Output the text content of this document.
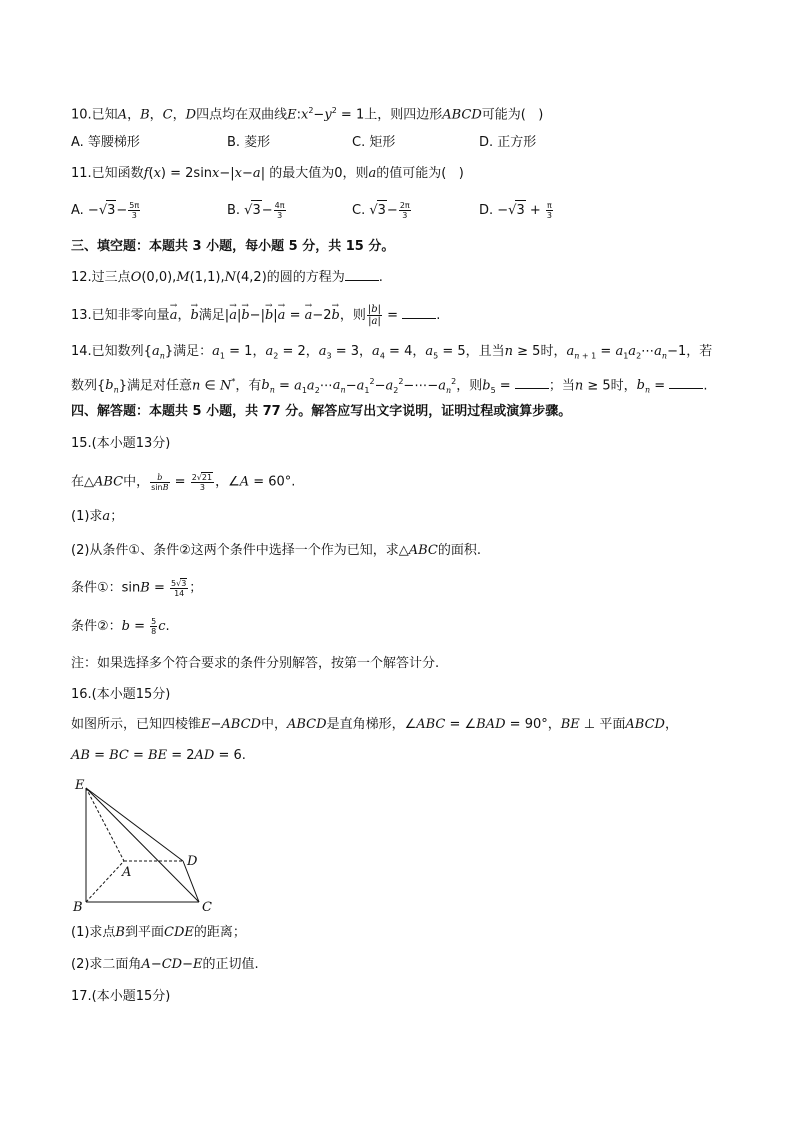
10.已知A，B，C，D四点均在双曲线$E:x^2-y^2 = 1$上，则四边形ABCD可能为(   )
A. 等腰梯形	B. 菱形	C. 矩形	D. 正方形
11.已知函数f(x) = 2sinx−|x−a| 的最大值为0，则a的值可能为(   )
A. $-√3- \frac{5\pi}{3}$	B. $√3- \frac{4\pi}{3}$	C. $√3- \frac{2\pi}{3}$	D. $-√3 + \frac{\pi}{3}$
三、填空题：本题共 3 小题，每小题 5 分，共 15 分。
12.过三点O(0,0),M(1,1),N(4,2)的圆的方程为	.
13.已知非零向量→ a，→ b满足|→ a|→ b−|→ b|→ a = → a−2→ b，则 $\frac{|b|}{|a|}$ =	.
14.已知数列$\{a_n\}$满足：$a_1 = 1$，$a_2 = 2$，$a_3 = 3$，$a_4 = 4$，$a_5 = 5$，且当n ≥ 5时，$a_{n + 1}$ = $a_1a_2\cdots a_n-1$，若
数列$\{b_n\}$满足对任意n ∈ N*，有$b_n$ = $a_1a_2\cdots a_n-a_1^2-a_2^2-\cdots-a_n^2$，则$b_5$ =	；当n ≥ 5时，$b_n$ =	.
四、解答题：本题共 5 小题，共 77 分。解答应写出文字说明，证明过程或演算步骤。
15.(本小题13分)
在△ABC中， $\frac{b}{\sin B} = \frac{2√21}{3}$ ，∠A = 60°.
(1)求a；
(2)从条件①、条件②这两个条件中选择一个作为已知，求△ABC的面积.
条件①：$\sin B = \frac{5√3}{14}$ ；
条件②：$b = \frac{5}{8} c$.
注：如果选择多个符合要求的条件分别解答，按第一个解答计分.
16.(本小题15分)
如图所示，已知四棱锥E−ABCD中，ABCD是直角梯形，∠ABC = ∠BAD = 90°，BE ⊥ 平面ABCD，
AB = BC = BE = 2AD = 6.
E
A
D
B	C
(1)求点B到平面CDE的距离；
(2)求二面角A−CD−E的正切值.
17.(本小题15分)
